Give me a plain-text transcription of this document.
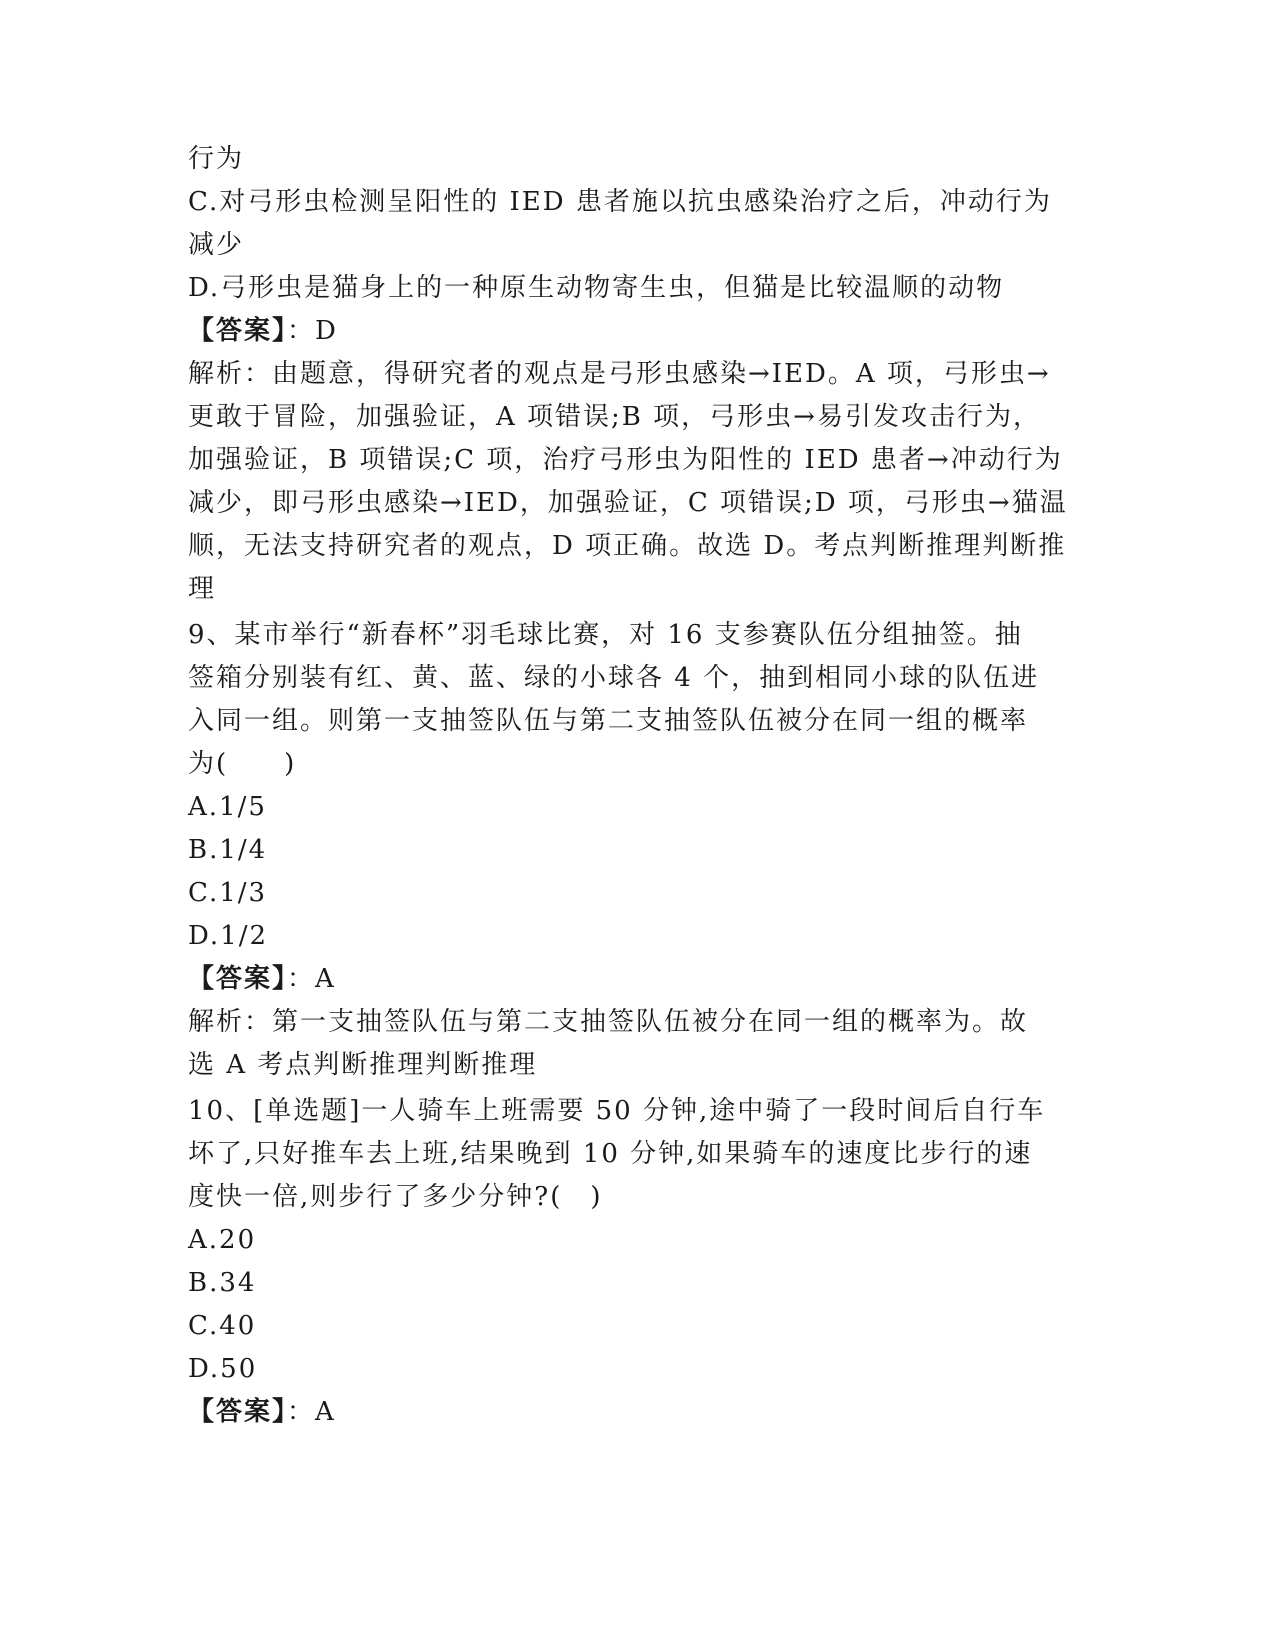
行为
C.对弓形虫检测呈阳性的 IED 患者施以抗虫感染治疗之后，冲动行为
减少
D.弓形虫是猫身上的一种原生动物寄生虫，但猫是比较温顺的动物
【答案】：D
解析：由题意，得研究者的观点是弓形虫感染→IED。A 项，弓形虫→
更敢于冒险，加强验证，A 项错误;B 项，弓形虫→易引发攻击行为，
加强验证，B 项错误;C 项，治疗弓形虫为阳性的 IED 患者→冲动行为
减少，即弓形虫感染→IED，加强验证，C 项错误;D 项，弓形虫→猫温
顺，无法支持研究者的观点，D 项正确。故选 D。考点判断推理判断推
理
9、某市举行“新春杯”羽毛球比赛，对 16 支参赛队伍分组抽签。抽
签箱分别装有红、黄、蓝、绿的小球各 4 个，抽到相同小球的队伍进
入同一组。则第一支抽签队伍与第二支抽签队伍被分在同一组的概率
为(　　)
A.1/5
B.1/4
C.1/3
D.1/2
【答案】：A
解析：第一支抽签队伍与第二支抽签队伍被分在同一组的概率为。故
选 A 考点判断推理判断推理
10、[单选题]一人骑车上班需要 50 分钟,途中骑了一段时间后自行车
坏了,只好推车去上班,结果晚到 10 分钟,如果骑车的速度比步行的速
度快一倍,则步行了多少分钟?(　)
A.20
B.34
C.40
D.50
【答案】：A
